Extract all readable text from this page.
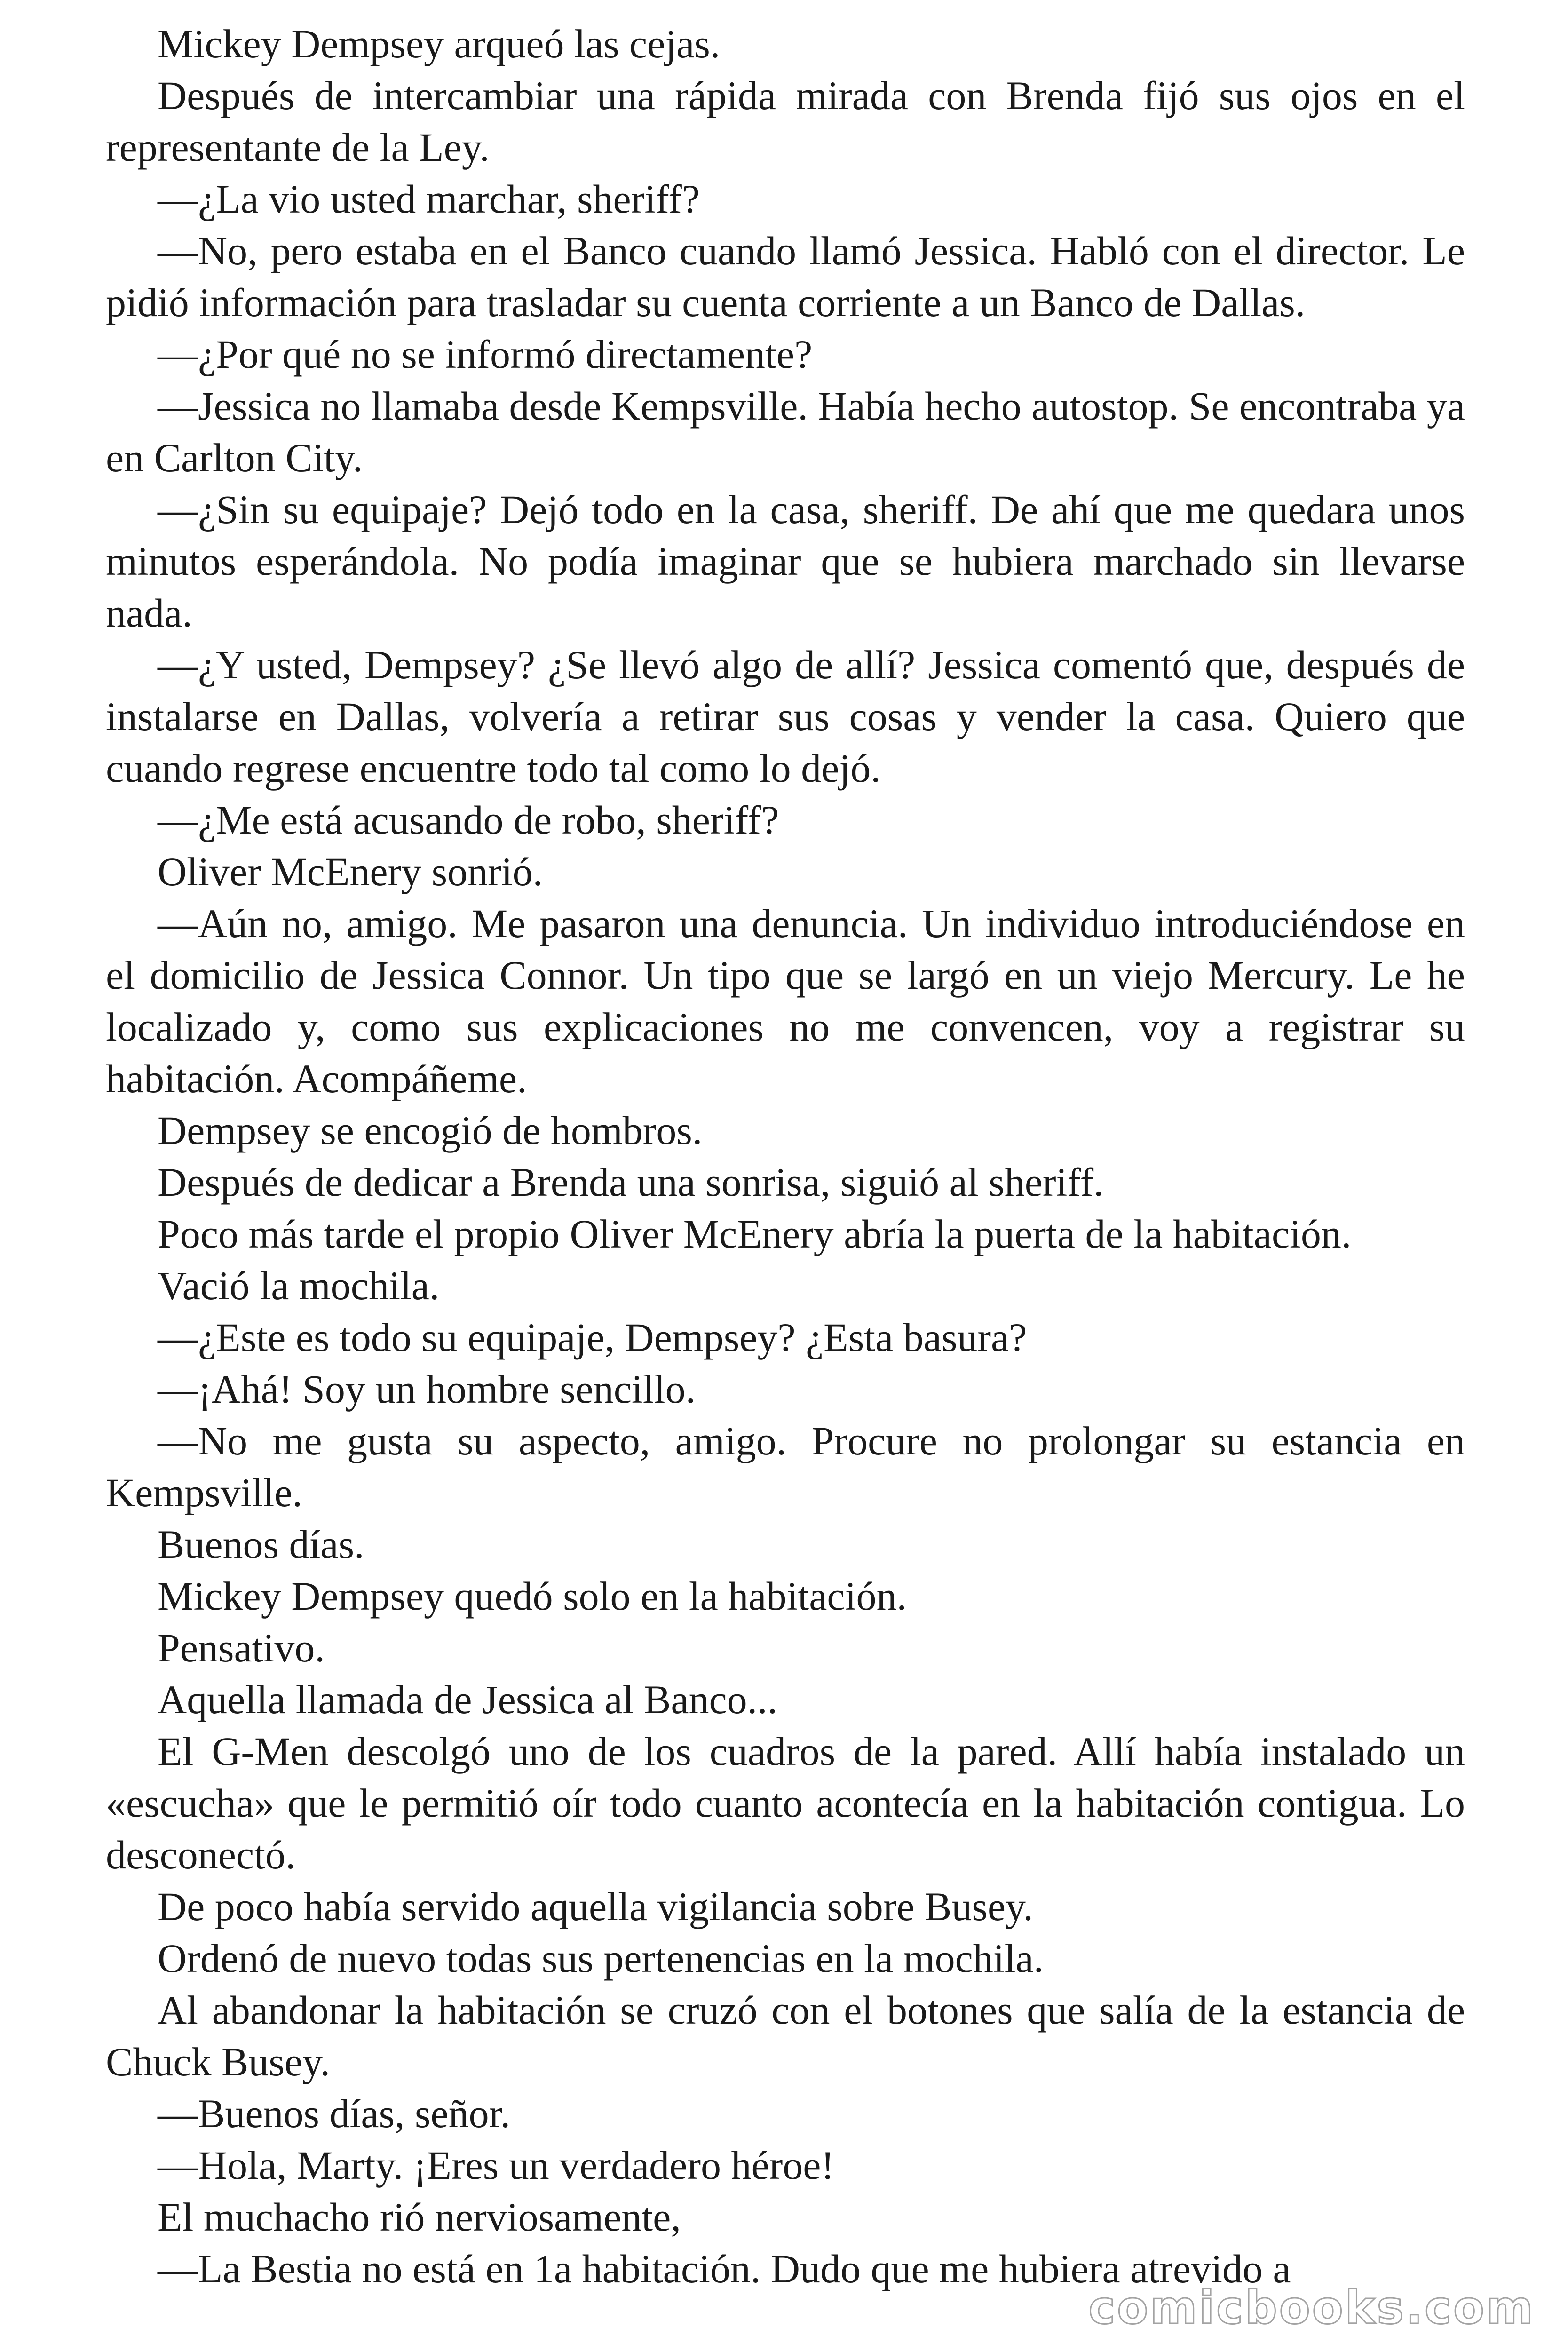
Mickey Dempsey arqueó las cejas.

Después de intercambiar una rápida mirada con Brenda fijó sus ojos en el representante de la Ley.

—¿La vio usted marchar, sheriff?

—No, pero estaba en el Banco cuando llamó Jessica. Habló con el director. Le pidió información para trasladar su cuenta corriente a un Banco de Dallas.

—¿Por qué no se informó directamente?

—Jessica no llamaba desde Kempsville. Había hecho autostop. Se encontraba ya en Carlton City.

—¿Sin su equipaje? Dejó todo en la casa, sheriff. De ahí que me quedara unos minutos esperándola. No podía imaginar que se hubiera marchado sin llevarse nada.

—¿Y usted, Dempsey? ¿Se llevó algo de allí? Jessica comentó que, después de instalarse en Dallas, volvería a retirar sus cosas y vender la casa. Quiero que cuando regrese encuentre todo tal como lo dejó.

—¿Me está acusando de robo, sheriff?

Oliver McEnery sonrió.

—Aún no, amigo. Me pasaron una denuncia. Un individuo introduciéndose en el domicilio de Jessica Connor. Un tipo que se largó en un viejo Mercury. Le he localizado y, como sus explicaciones no me convencen, voy a registrar su habitación. Acompáñeme.

Dempsey se encogió de hombros.

Después de dedicar a Brenda una sonrisa, siguió al sheriff.

Poco más tarde el propio Oliver McEnery abría la puerta de la habitación.

Vació la mochila.

—¿Este es todo su equipaje, Dempsey? ¿Esta basura?

—¡Ahá! Soy un hombre sencillo.

—No me gusta su aspecto, amigo. Procure no prolongar su estancia en Kempsville.

Buenos días.

Mickey Dempsey quedó solo en la habitación.

Pensativo.

Aquella llamada de Jessica al Banco...

El G-Men descolgó uno de los cuadros de la pared. Allí había instalado un «escucha» que le permitió oír todo cuanto acontecía en la habitación contigua. Lo desconectó.

De poco había servido aquella vigilancia sobre Busey.

Ordenó de nuevo todas sus pertenencias en la mochila.

Al abandonar la habitación se cruzó con el botones que salía de la estancia de Chuck Busey.

—Buenos días, señor.

—Hola, Marty. ¡Eres un verdadero héroe!

El muchacho rió nerviosamente,

—La Bestia no está en 1a habitación. Dudo que me hubiera atrevido a

comicbooks.com
